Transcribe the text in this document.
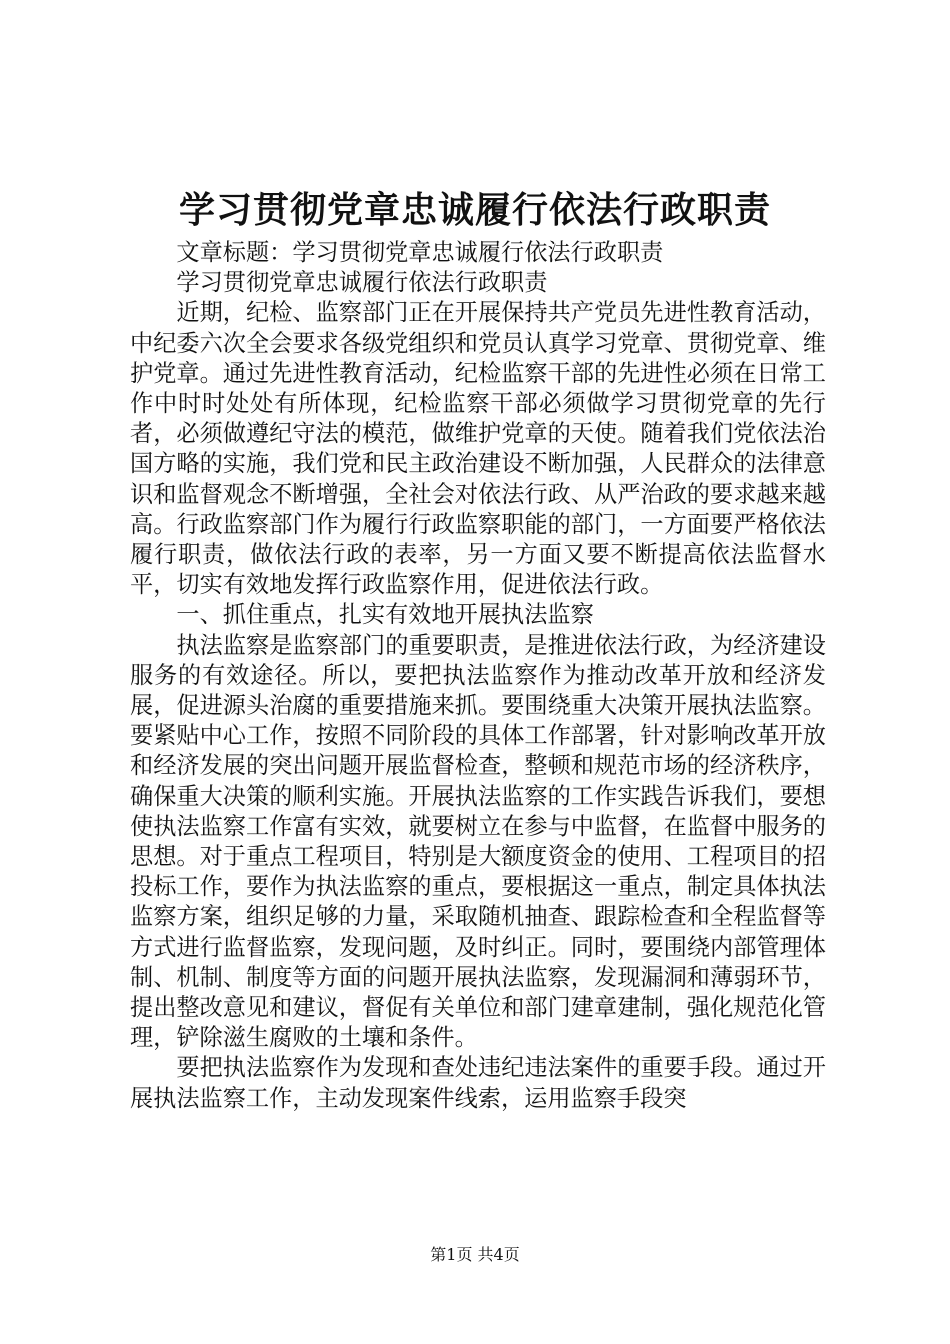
学习贯彻党章忠诚履行依法行政职责

文章标题：学习贯彻党章忠诚履行依法行政职责

学习贯彻党章忠诚履行依法行政职责

近期，纪检、监察部门正在开展保持共产党员先进性教育活动，中纪委六次全会要求各级党组织和党员认真学习党章、贯彻党章、维护党章。通过先进性教育活动，纪检监察干部的先进性必须在日常工作中时时处处有所体现，纪检监察干部必须做学习贯彻党章的先行者，必须做遵纪守法的模范，做维护党章的天使。随着我们党依法治国方略的实施，我们党和民主政治建设不断加强，人民群众的法律意识和监督观念不断增强，全社会对依法行政、从严治政的要求越来越高。行政监察部门作为履行行政监察职能的部门，一方面要严格依法履行职责，做依法行政的表率，另一方面又要不断提高依法监督水平，切实有效地发挥行政监察作用，促进依法行政。

一、抓住重点，扎实有效地开展执法监察

执法监察是监察部门的重要职责，是推进依法行政，为经济建设服务的有效途径。所以，要把执法监察作为推动改革开放和经济发展，促进源头治腐的重要措施来抓。要围绕重大决策开展执法监察。要紧贴中心工作，按照不同阶段的具体工作部署，针对影响改革开放和经济发展的突出问题开展监督检查，整顿和规范市场的经济秩序，确保重大决策的顺利实施。开展执法监察的工作实践告诉我们，要想使执法监察工作富有实效，就要树立在参与中监督，在监督中服务的思想。对于重点工程项目，特别是大额度资金的使用、工程项目的招投标工作，要作为执法监察的重点，要根据这一重点，制定具体执法监察方案，组织足够的力量，采取随机抽查、跟踪检查和全程监督等方式进行监督监察，发现问题，及时纠正。同时，要围绕内部管理体制、机制、制度等方面的问题开展执法监察，发现漏洞和薄弱环节，提出整改意见和建议，督促有关单位和部门建章建制，强化规范化管理，铲除滋生腐败的土壤和条件。

要把执法监察作为发现和查处违纪违法案件的重要手段。通过开展执法监察工作，主动发现案件线索，运用监察手段突

第1页 共4页
